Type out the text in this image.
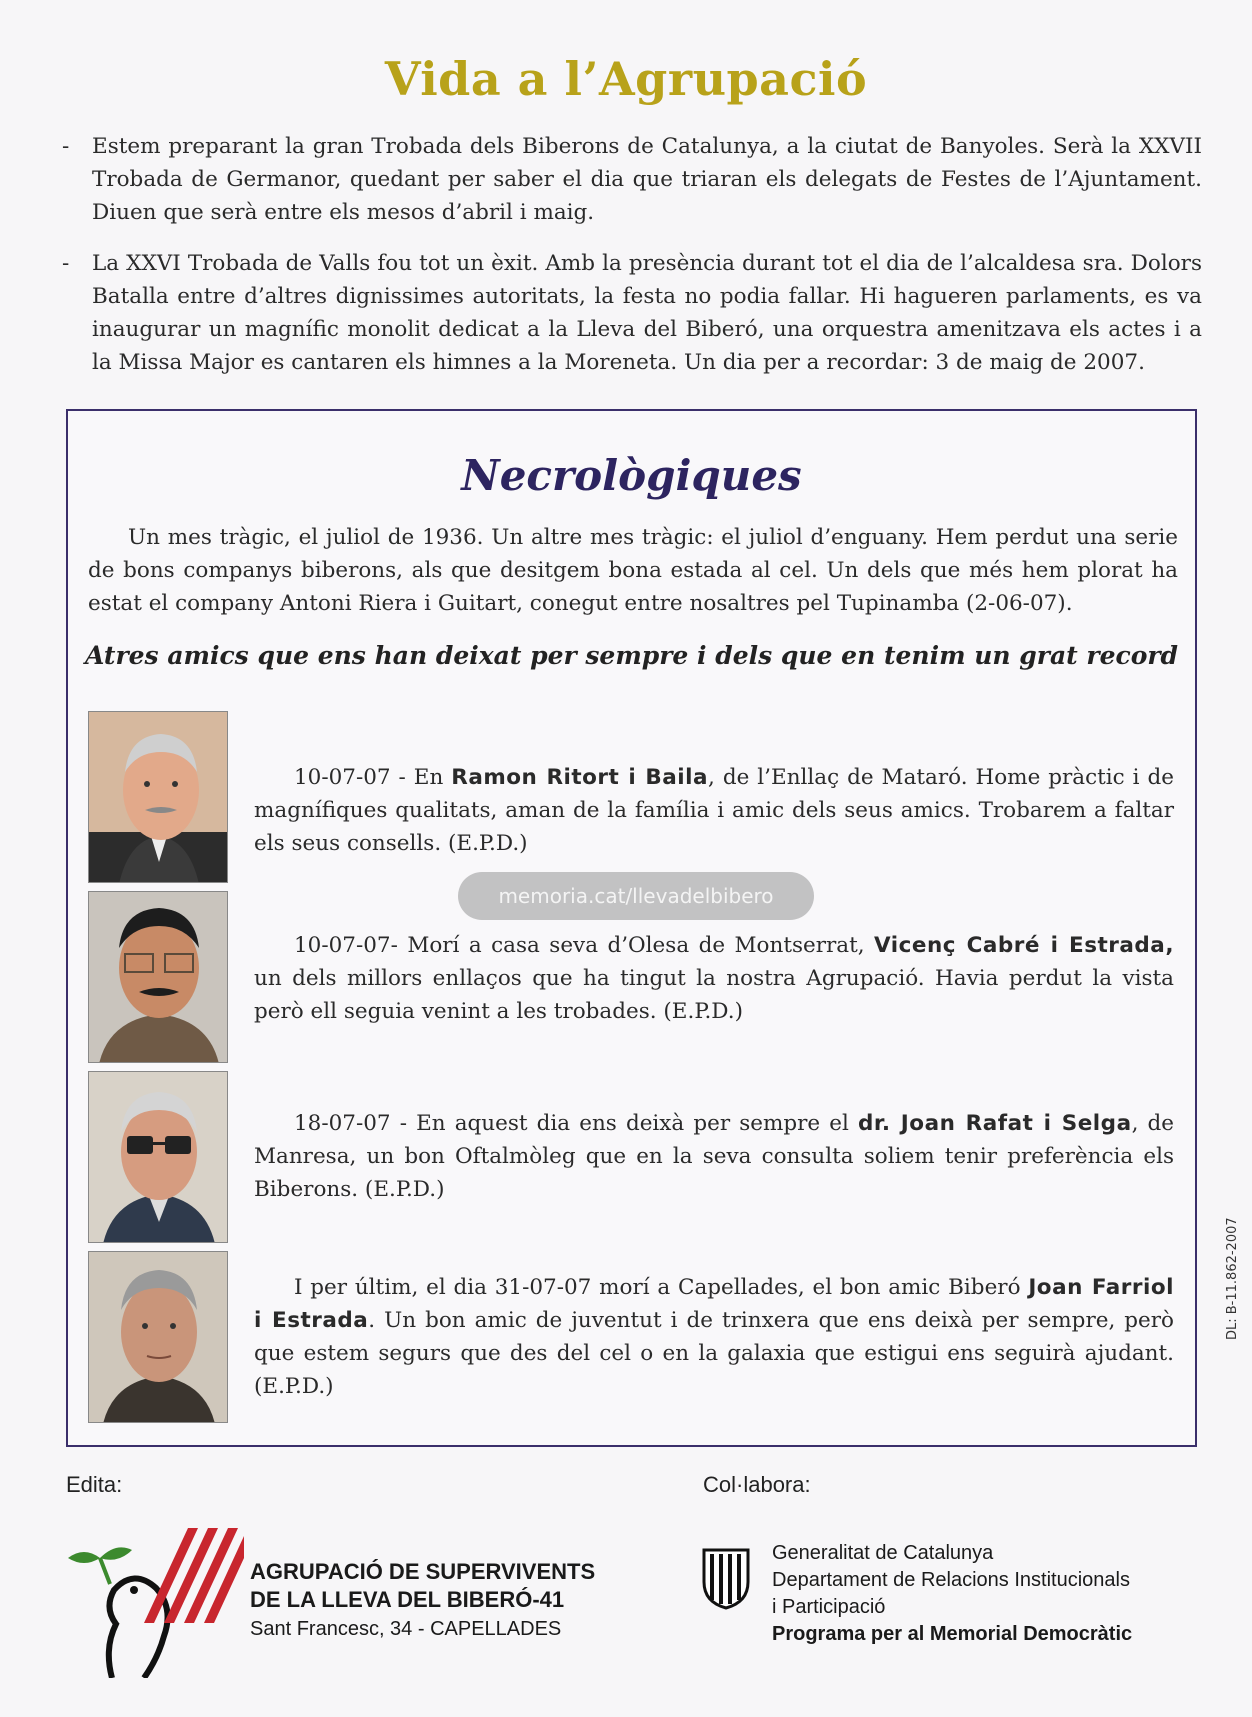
Vida a l’Agrupació
- Estem preparant la gran Trobada dels Biberons de Catalunya, a la ciutat de Banyoles. Serà la XXVII Trobada de Germanor, quedant per saber el dia que triaran els delegats de Festes de l’Ajuntament. Diuen que serà entre els mesos d’abril i maig.
- La XXVI Trobada de Valls fou tot un èxit. Amb la presència durant tot el dia de l’alcaldesa sra. Dolors Batalla entre d’altres dignissimes autoritats, la festa no podia fallar. Hi hagueren parlaments, es va inaugurar un magnífic monolit dedicat a la Lleva del Biberó, una orquestra amenitzava els actes i a la Missa Major es cantaren els himnes a la Moreneta. Un dia per a recordar: 3 de maig de 2007.
Necrològiques
Un mes tràgic, el juliol de 1936. Un altre mes tràgic: el juliol d’enguany. Hem perdut una serie de bons companys biberons, als que desitgem bona estada al cel. Un dels que més hem plorat ha estat el company Antoni Riera i Guitart, conegut entre nosaltres pel Tupinamba (2-06-07).
Atres amics que ens han deixat per sempre i dels que en tenim un grat record
10-07-07 - En Ramon Ritort i Baila, de l’Enllaç de Mataró. Home pràctic i de magnífiques qualitats, aman de la família i amic dels seus amics. Trobarem a faltar els seus consells. (E.P.D.)
10-07-07- Morí a casa seva d’Olesa de Montserrat, Vicenç Cabré i Estrada, un dels millors enllaços que ha tingut la nostra Agrupació. Havia perdut la vista però ell seguia venint a les trobades. (E.P.D.)
18-07-07 - En aquest dia ens deixà per sempre el dr. Joan Rafat i Selga, de Manresa, un bon Oftalmòleg que en la seva consulta soliem tenir preferència els Biberons. (E.P.D.)
I per últim, el dia 31-07-07 morí a Capellades, el bon amic Biberó Joan Farriol i Estrada. Un bon amic de juventut i de trinxera que ens deixà per sempre, però que estem segurs que des del cel o en la galaxia que estigui ens seguirà ajudant. (E.P.D.)
memoria.cat/llevadelbibero
DL: B-11.862-2007
Edita:	Col·labora:
AGRUPACIÓ DE SUPERVIVENTS
DE LA LLEVA DEL BIBERÓ-41
Sant Francesc, 34 - CAPELLADES
Generalitat de Catalunya
Departament de Relacions Institucionals
i Participació
Programa per al Memorial Democràtic
